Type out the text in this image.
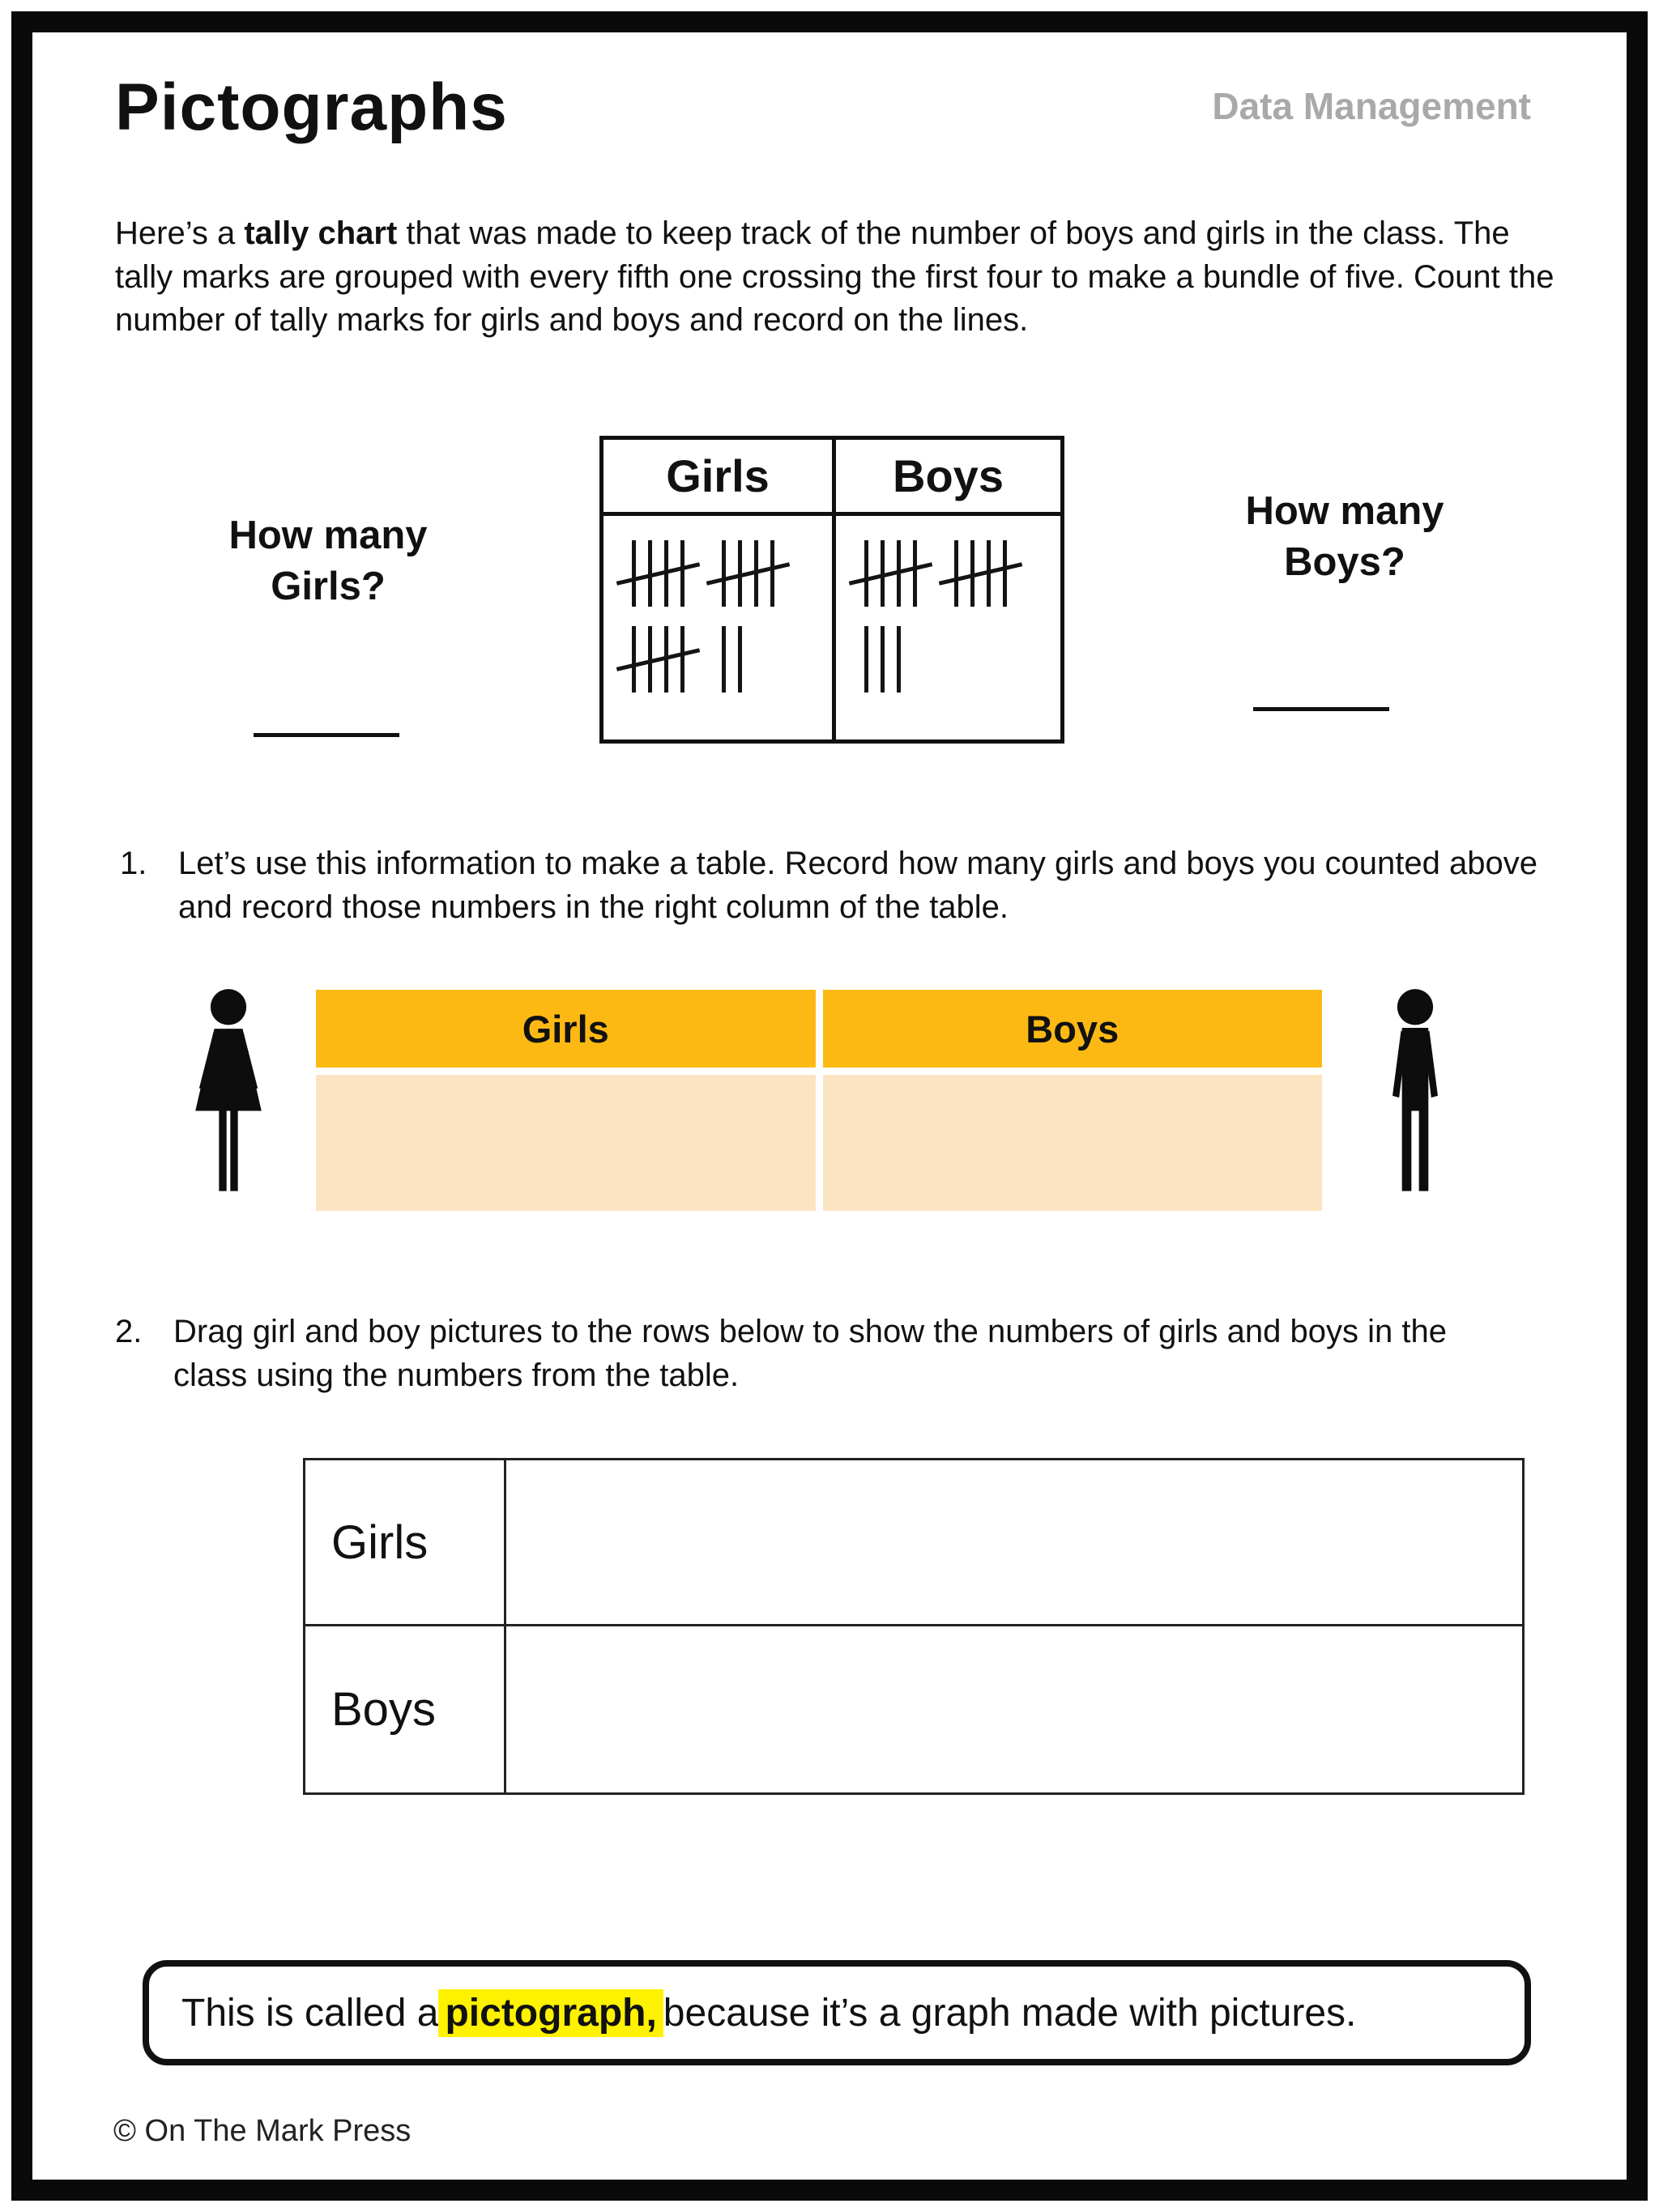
Pictographs	Data Management
Here’s a tally chart that was made to keep track of the number of boys and girls in the class. The tally marks are grouped with every fifth one crossing the first four to make a bundle of five. Count the number of tally marks for girls and boys and record on the lines.
Girls	Boys
How many
Girls?
How many
Boys?
1. Let’s use this information to make a table. Record how many girls and boys you counted above and record those numbers in the right column of the table.
Girls	Boys
2. Drag girl and boy pictures to the rows below to show the numbers of girls and boys in the class using the numbers from the table.
Girls
Boys
This is called a pictograph, because it’s a graph made with pictures.
© On The Mark Press
